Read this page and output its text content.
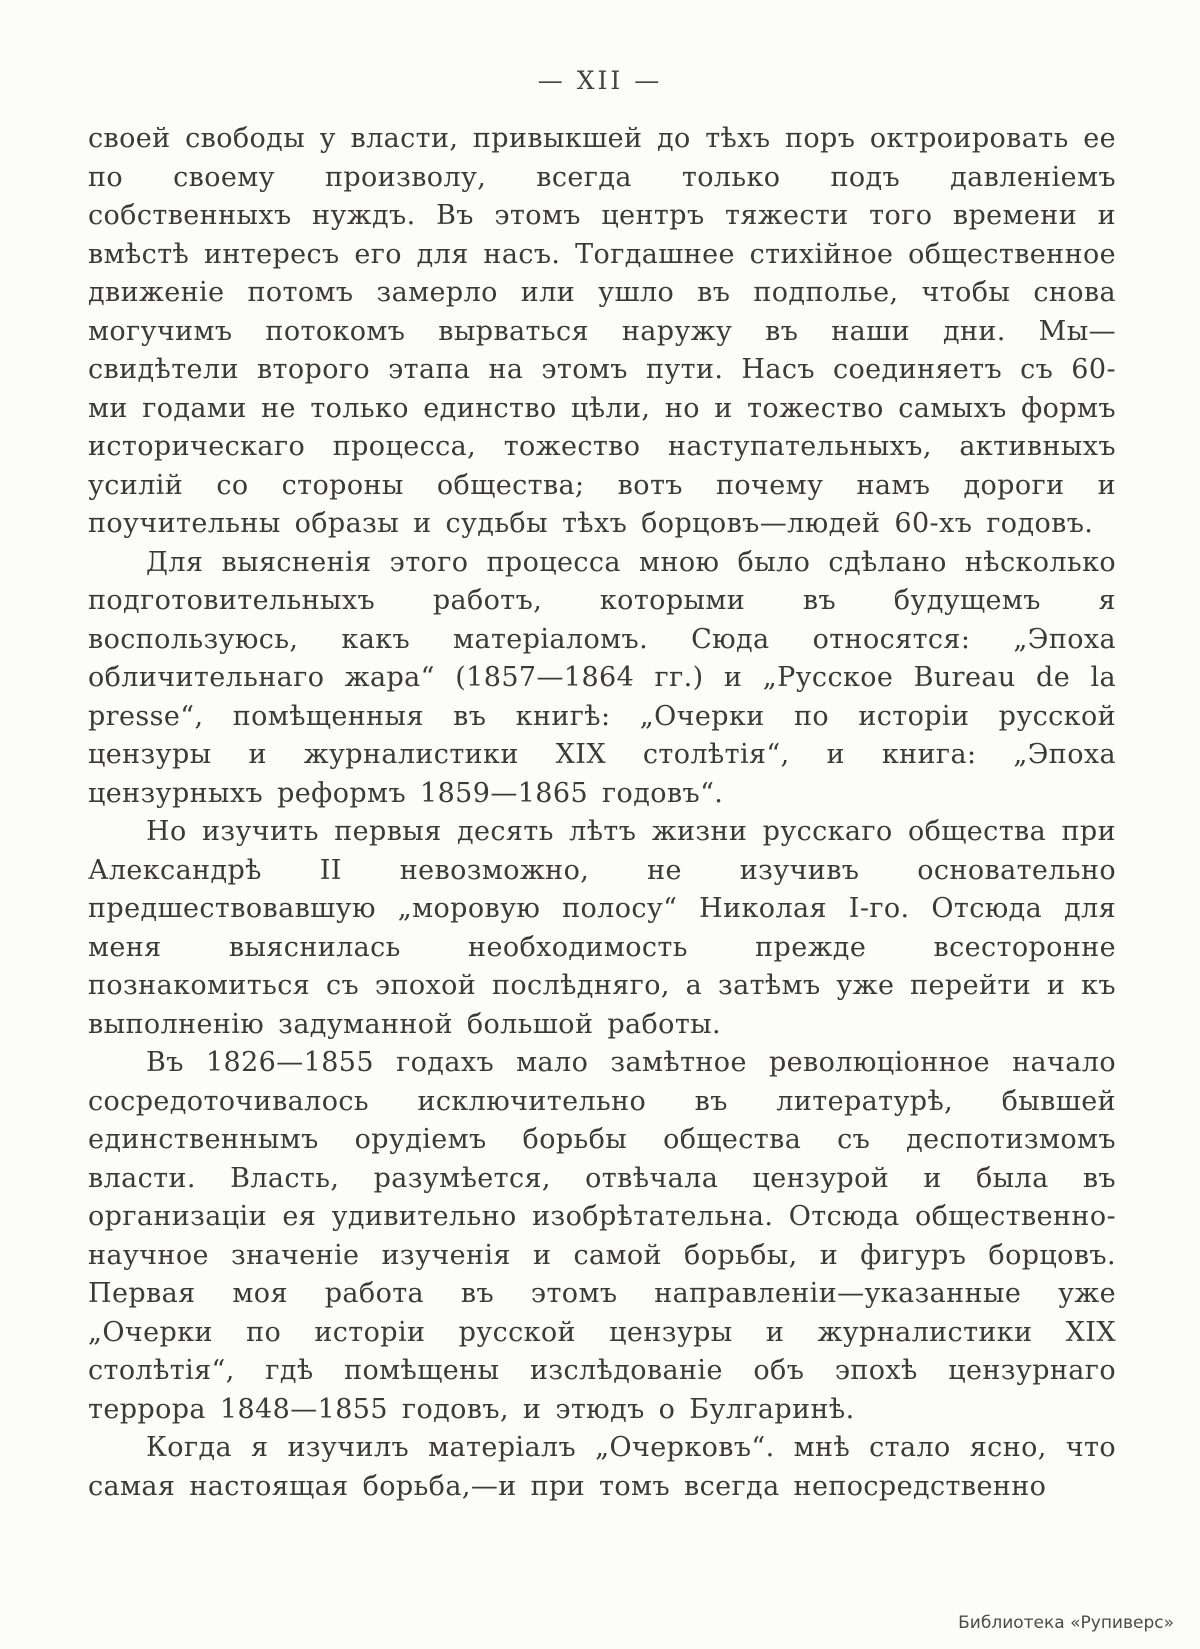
— XII —

своей свободы у власти, привыкшей до тѣхъ поръ октроировать ее по своему произволу, всегда только подъ давленіемъ собственныхъ нуждъ. Въ этомъ центръ тяжести того времени и вмѣстѣ интересъ его для насъ. Тогдашнее стихійное общественное движеніе потомъ замерло или ушло въ подполье, чтобы снова могучимъ потокомъ вырваться наружу въ наши дни. Мы—свидѣтели второго этапа на этомъ пути. Насъ соединяетъ съ 60-ми годами не только единство цѣли, но и тожество самыхъ формъ историческаго процесса, тожество наступательныхъ, активныхъ усилій со стороны общества; вотъ почему намъ дороги и поучительны образы и судьбы тѣхъ борцовъ—людей 60-хъ годовъ.

Для выясненія этого процесса мною было сдѣлано нѣсколько подготовительныхъ работъ, которыми въ будущемъ я воспользуюсь, какъ матеріаломъ. Сюда относятся: „Эпоха обличительнаго жара“ (1857—1864 гг.) и „Русское Bureau de la presse“, помѣщенныя въ книгѣ: „Очерки по исторіи русской цензуры и журналистики XIX столѣтія“, и книга: „Эпоха цензурныхъ реформъ 1859—1865 годовъ“.

Но изучить первыя десять лѣтъ жизни русскаго общества при Александрѣ II невозможно, не изучивъ основательно предшествовавшую „моровую полосу“ Николая I-го. Отсюда для меня выяснилась необходимость прежде всесторонне познакомиться съ эпохой послѣдняго, а затѣмъ уже перейти и къ выполненію задуманной большой работы.

Въ 1826—1855 годахъ мало замѣтное революціонное начало сосредоточивалось исключительно въ литературѣ, бывшей единственнымъ орудіемъ борьбы общества съ деспотизмомъ власти. Власть, разумѣется, отвѣчала цензурой и была въ организаціи ея удивительно изобрѣтательна. Отсюда общественно-научное значеніе изученія и самой борьбы, и фигуръ борцовъ. Первая моя работа въ этомъ направленіи—указанные уже „Очерки по исторіи русской цензуры и журналистики XIX столѣтія“, гдѣ помѣщены изслѣдованіе объ эпохѣ цензурнаго террора 1848—1855 годовъ, и этюдъ о Булгаринѣ.

Когда я изучилъ матеріалъ „Очерковъ“. мнѣ стало ясно, что самая настоящая борьба,—и при томъ всегда непосредственно

Библиотека «Рупиверс»
